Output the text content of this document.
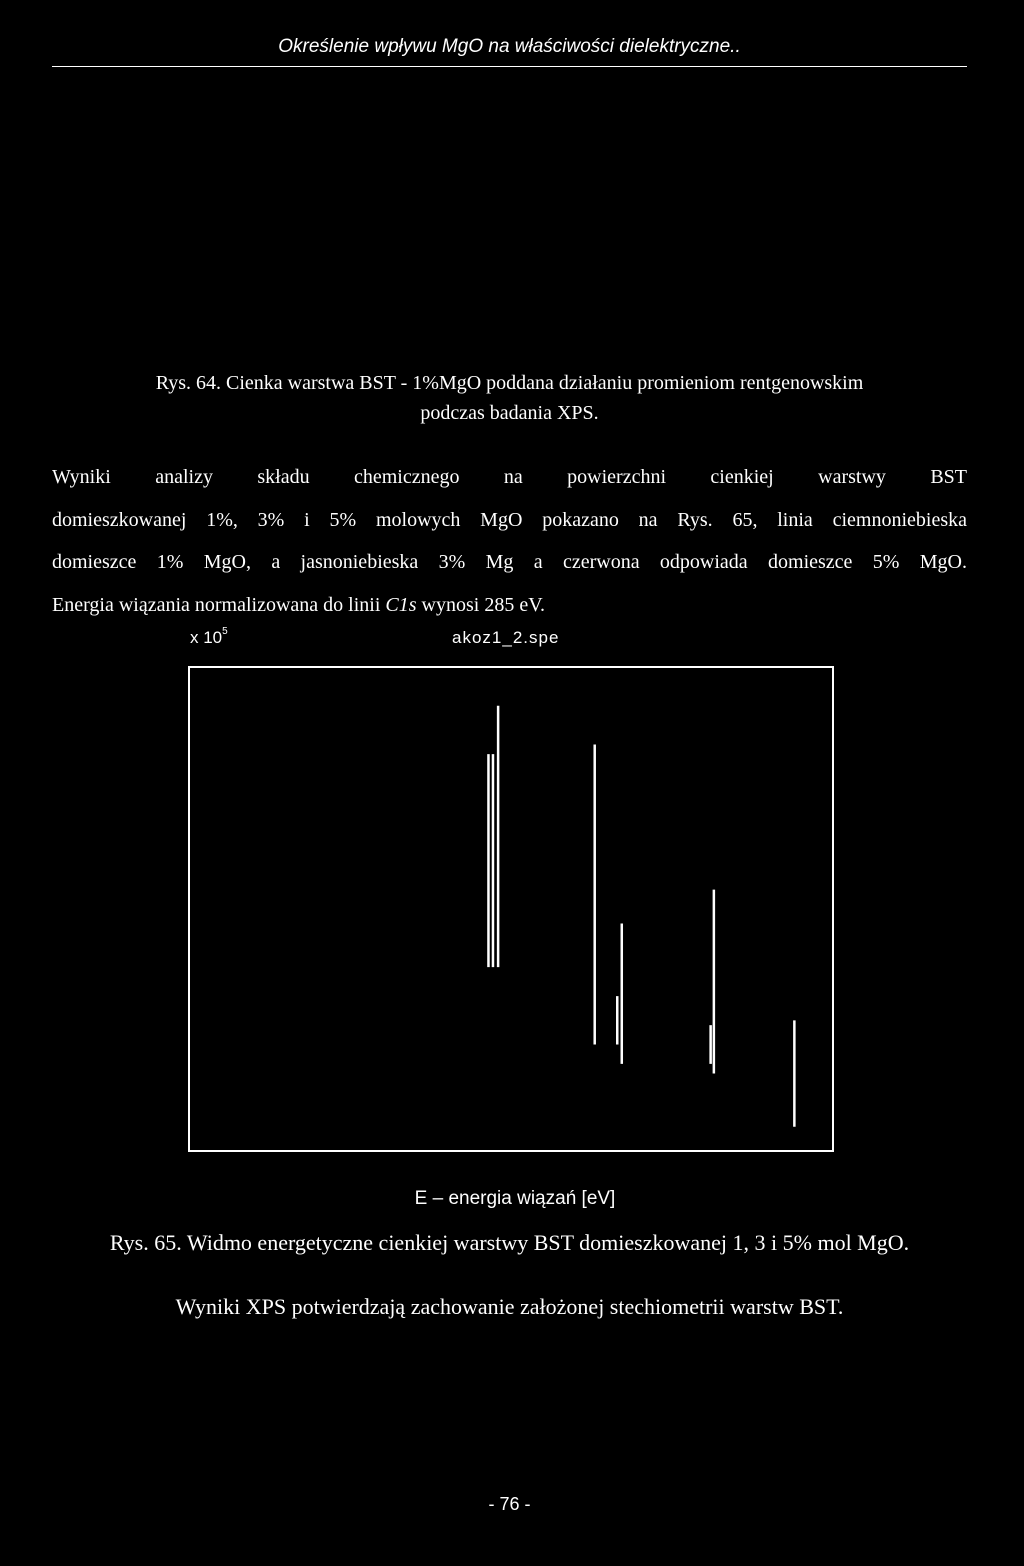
Określenie wpływu MgO na właściwości dielektryczne..
Rys. 64. Cienka warstwa BST - 1%MgO poddana działaniu promieniom rentgenowskim
podczas badania XPS.
Wyniki analizy składu chemicznego na powierzchni cienkiej warstwy BST
domieszkowanej 1%, 3% i 5% molowych MgO pokazano na Rys. 65, linia ciemnoniebieska
domieszce 1% MgO, a jasnoniebieska 3% Mg a czerwona odpowiada domieszce 5% MgO.
Energia wiązania normalizowana do linii C1s wynosi 285 eV.
x $10^5$	akoz1_2.spe
E – energia wiązań [eV]
Rys. 65. Widmo energetyczne cienkiej warstwy BST domieszkowanej 1, 3 i 5% mol MgO.
Wyniki XPS potwierdzają zachowanie założonej stechiometrii warstw BST.
- 76 -
